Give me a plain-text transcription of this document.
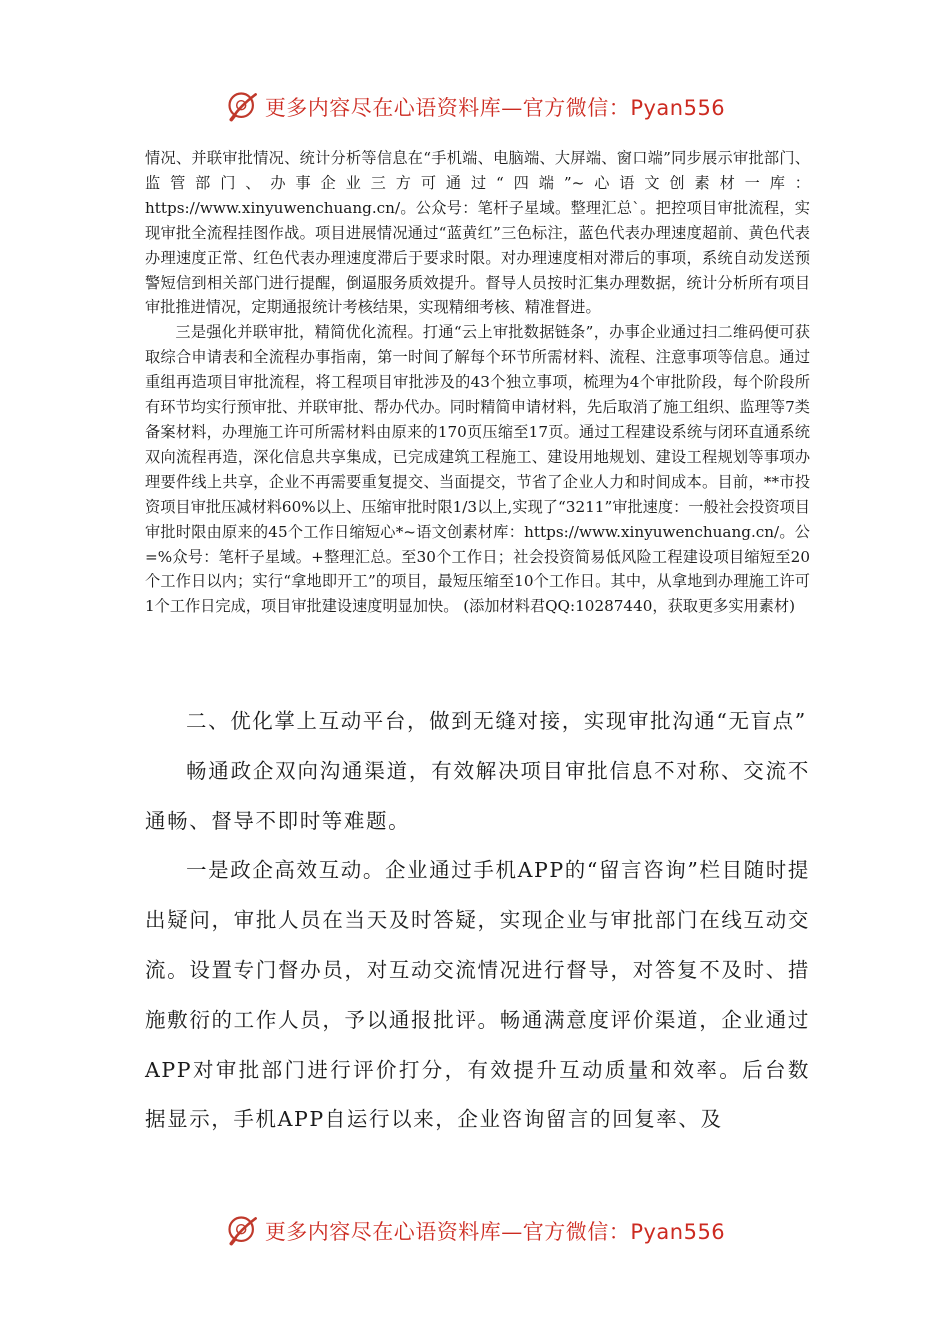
更多内容尽在心语资料库—官方微信：Pyan556

情况、并联审批情况、统计分析等信息在“手机端、电脑端、大屏端、窗口端”同步展示审批部门、监管部门、办事企业三方可通过“四端”~心语文创素材一库：https://www.xinyuwenchuang.cn/。公众号：笔杆子星域。整理汇总`。把控项目审批流程，实现审批全流程挂图作战。项目进展情况通过“蓝黄红”三色标注，蓝色代表办理速度超前、黄色代表办理速度正常、红色代表办理速度滞后于要求时限。对办理速度相对滞后的事项，系统自动发送预警短信到相关部门进行提醒，倒逼服务质效提升。督导人员按时汇集办理数据，统计分析所有项目审批推进情况，定期通报统计考核结果，实现精细考核、精准督进。

三是强化并联审批，精简优化流程。打通“云上审批数据链条”，办事企业通过扫二维码便可获取综合申请表和全流程办事指南，第一时间了解每个环节所需材料、流程、注意事项等信息。通过重组再造项目审批流程，将工程项目审批涉及的43个独立事项，梳理为4个审批阶段，每个阶段所有环节均实行预审批、并联审批、帮办代办。同时精简申请材料，先后取消了施工组织、监理等7类备案材料，办理施工许可所需材料由原来的170页压缩至17页。通过工程建设系统与闭环直通系统双向流程再造，深化信息共享集成，已完成建筑工程施工、建设用地规划、建设工程规划等事项办理要件线上共享，企业不再需要重复提交、当面提交，节省了企业人力和时间成本。目前，**市投资项目审批压减材料60%以上、压缩审批时限1/3以上,实现了“3211”审批速度：一般社会投资项目审批时限由原来的45个工作日缩短心*~语文创素材库：https://www.xinyuwenchuang.cn/。公=%众号：笔杆子星域。+整理汇总。至30个工作日；社会投资简易低风险工程建设项目缩短至20个工作日以内；实行“拿地即开工”的项目，最短压缩至10个工作日。其中，从拿地到办理施工许可1个工作日完成，项目审批建设速度明显加快。 (添加材料君QQ:10287440，获取更多实用素材)

二、优化掌上互动平台，做到无缝对接，实现审批沟通“无盲点”

畅通政企双向沟通渠道，有效解决项目审批信息不对称、交流不通畅、督导不即时等难题。

一是政企高效互动。企业通过手机APP的“留言咨询”栏目随时提出疑问，审批人员在当天及时答疑，实现企业与审批部门在线互动交流。设置专门督办员，对互动交流情况进行督导，对答复不及时、措施敷衍的工作人员，予以通报批评。畅通满意度评价渠道，企业通过APP对审批部门进行评价打分，有效提升互动质量和效率。后台数据显示，手机APP自运行以来，企业咨询留言的回复率、及

更多内容尽在心语资料库—官方微信：Pyan556
